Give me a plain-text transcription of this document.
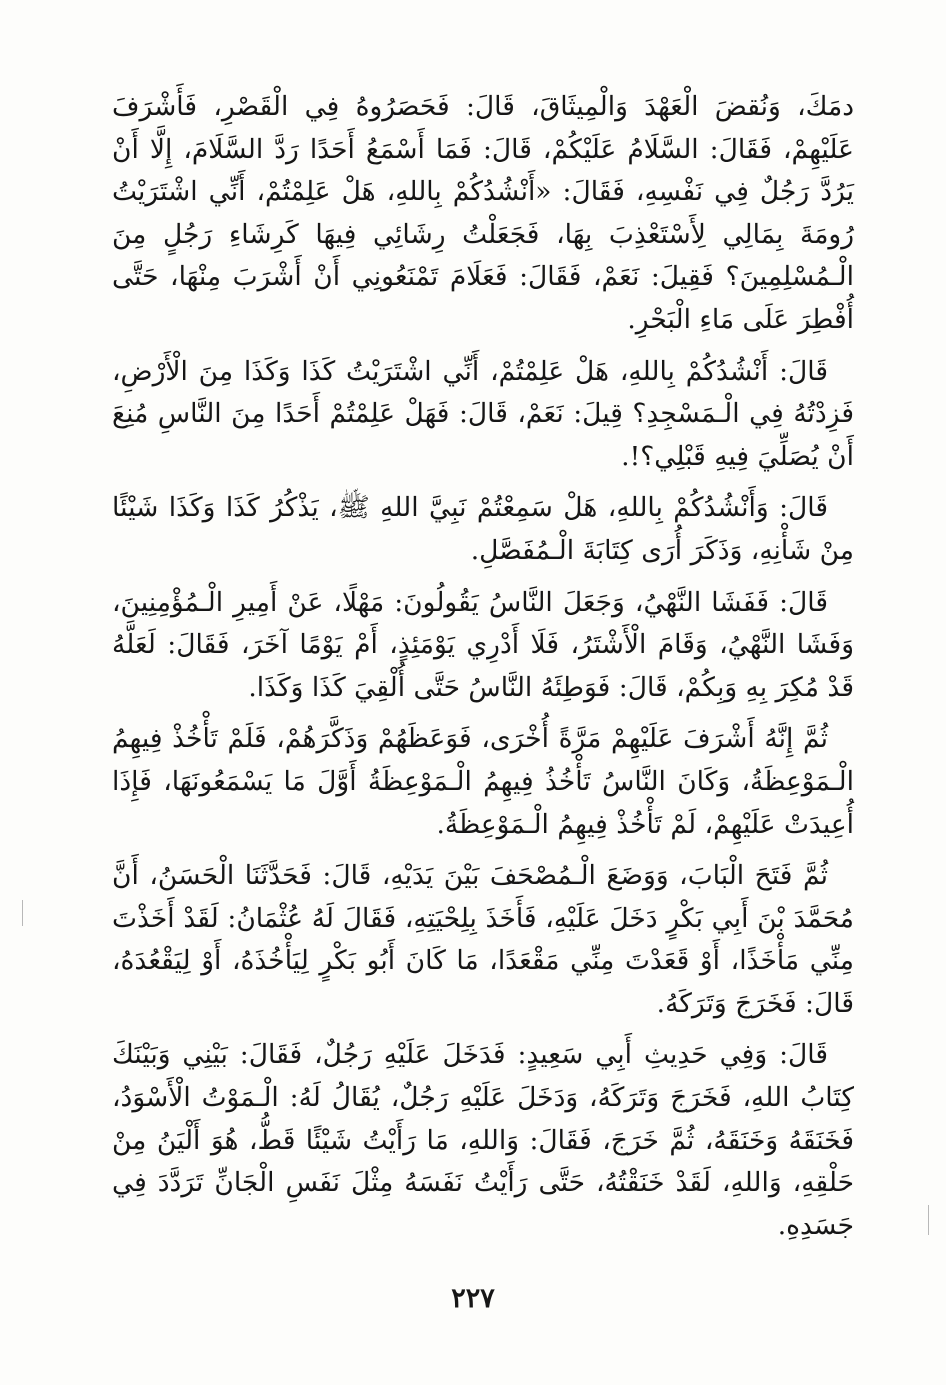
دمَكَ، وَنُقضَ الْعَهْدَ وَالْمِيثَاقَ، قَالَ: فَحَصَرُوهُ فِي الْقَصْرِ، فَأَشْرَفَ عَلَيْهِمْ، فَقَالَ: السَّلَامُ عَلَيْكُمْ، قَالَ: فَمَا أَسْمَعُ أَحَدًا رَدَّ السَّلَامَ، إِلَّا أَنْ يَرُدَّ رَجُلٌ فِي نَفْسِهِ، فَقَالَ: «أَنْشُدُكُمْ بِاللهِ، هَلْ عَلِمْتُمْ، أَنِّي اشْتَرَيْتُ رُومَةَ بِمَالِي لِأَسْتَعْذِبَ بِهَا، فَجَعَلْتُ رِشَائِي فِيهَا كَرِشَاءِ رَجُلٍ مِنَ الْـمُسْلِمِينَ؟ فَقِيلَ: نَعَمْ، فَقَالَ: فَعَلَامَ تَمْنَعُونِي أَنْ أَشْرَبَ مِنْهَا، حَتَّى أُفْطِرَ عَلَى مَاءِ الْبَحْرِ.

قَالَ: أَنْشُدُكُمْ بِاللهِ، هَلْ عَلِمْتُمْ، أَنِّي اشْتَرَيْتُ كَذَا وَكَذَا مِنَ الْأَرْضِ، فَزِدْتُهُ فِي الْـمَسْجِدِ؟ قِيلَ: نَعَمْ، قَالَ: فَهَلْ عَلِمْتُمْ أَحَدًا مِنَ النَّاسِ مُنِعَ أَنْ يُصَلِّيَ فِيهِ قَبْلِي؟!.

قَالَ: وَأَنْشُدُكُمْ بِاللهِ، هَلْ سَمِعْتُمْ نَبِيَّ اللهِ ﷺ، يَذْكُرُ كَذَا وَكَذَا شَيْئًا مِنْ شَأْنِهِ، وَذَكَرَ أُرَى كِتَابَةَ الْـمُفَصَّلِ.

قَالَ: فَفَشَا النَّهْيُ، وَجَعَلَ النَّاسُ يَقُولُونَ: مَهْلًا، عَنْ أَمِيرِ الْـمُؤْمِنِينَ، وَفَشَا النَّهْيُ، وَقَامَ الْأَشْتَرُ، فَلَا أَدْرِي يَوْمَئِذٍ، أَمْ يَوْمًا آخَرَ، فَقَالَ: لَعَلَّهُ قَدْ مُكِرَ بِهِ وَبِكُمْ، قَالَ: فَوَطِئَهُ النَّاسُ حَتَّى أُلْقِيَ كَذَا وَكَذَا.

ثُمَّ إِنَّهُ أَشْرَفَ عَلَيْهِمْ مَرَّةً أُخْرَى، فَوَعَظَهُمْ وَذَكَّرَهُمْ، فَلَمْ تَأْخُذْ فِيهِمُ الْـمَوْعِظَةُ، وَكَانَ النَّاسُ تَأْخُذُ فِيهِمُ الْـمَوْعِظَةُ أَوَّلَ مَا يَسْمَعُونَهَا، فَإِذَا أُعِيدَتْ عَلَيْهِمْ، لَمْ تَأْخُذْ فِيهِمُ الْـمَوْعِظَةُ.

ثُمَّ فَتَحَ الْبَابَ، وَوَضَعَ الْـمُصْحَفَ بَيْنَ يَدَيْهِ، قَالَ: فَحَدَّثَنَا الْحَسَنُ، أَنَّ مُحَمَّدَ بْنَ أَبِي بَكْرٍ دَخَلَ عَلَيْهِ، فَأَخَذَ بِلِحْيَتِهِ، فَقَالَ لَهُ عُثْمَانُ: لَقَدْ أَخَذْتَ مِنِّي مَأْخَذًا، أَوْ قَعَدْتَ مِنِّي مَقْعَدًا، مَا كَانَ أَبُو بَكْرٍ لِيَأْخُذَهُ، أَوْ لِيَقْعُدَهُ، قَالَ: فَخَرَجَ وَتَرَكَهُ.

قَالَ: وَفِي حَدِيثِ أَبِي سَعِيدٍ: فَدَخَلَ عَلَيْهِ رَجُلٌ، فَقَالَ: بَيْنِي وَبَيْنَكَ كِتَابُ اللهِ، فَخَرَجَ وَتَرَكَهُ، وَدَخَلَ عَلَيْهِ رَجُلٌ، يُقَالُ لَهُ: الْـمَوْتُ الْأَسْوَدُ، فَخَنَقَهُ وَخَنَقَهُ، ثُمَّ خَرَجَ، فَقَالَ: وَاللهِ، مَا رَأَيْتُ شَيْئًا قَطُّ، هُوَ أَلْيَنُ مِنْ حَلْقِهِ، وَاللهِ، لَقَدْ خَنَقْتُهُ، حَتَّى رَأَيْتُ نَفَسَهُ مِثْلَ نَفَسِ الْجَانِّ تَرَدَّدَ فِي جَسَدِهِ.

٢٢٧
